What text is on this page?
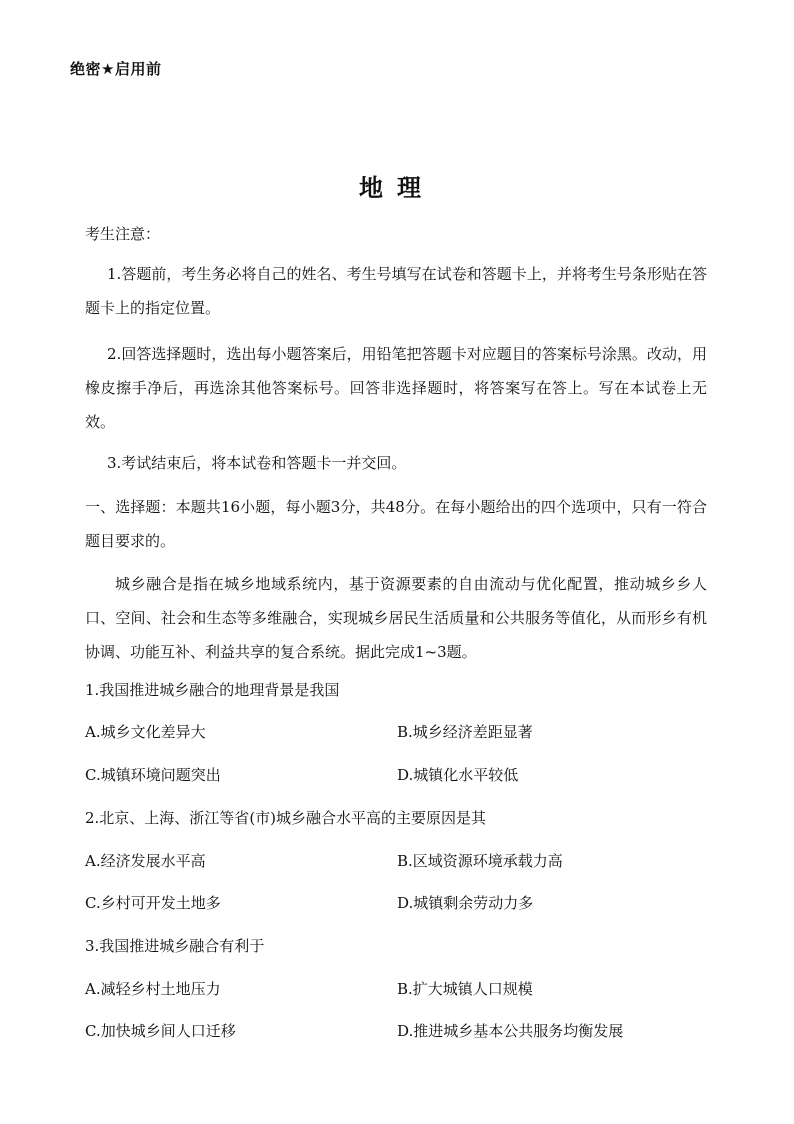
绝密★启用前
地理
考生注意：
1.答题前，考生务必将自己的姓名、考生号填写在试卷和答题卡上，并将考生号条形贴在答题卡上的指定位置。
2.回答选择题时，选出每小题答案后，用铅笔把答题卡对应题目的答案标号涂黑。改动，用橡皮擦手净后，再选涂其他答案标号。回答非选择题时，将答案写在答上。写在本试卷上无效。
3.考试结束后，将本试卷和答题卡一并交回。
一、选择题：本题共16小题，每小题3分，共48分。在每小题给出的四个选项中，只有一符合题目要求的。
城乡融合是指在城乡地域系统内，基于资源要素的自由流动与优化配置，推动城乡乡人口、空间、社会和生态等多维融合，实现城乡居民生活质量和公共服务等值化，从而形乡有机协调、功能互补、利益共享的复合系统。据此完成1~3题。
1.我国推进城乡融合的地理背景是我国
A.城乡文化差异大	B.城乡经济差距显著
C.城镇环境问题突出	D.城镇化水平较低
2.北京、上海、浙江等省(市)城乡融合水平高的主要原因是其
A.经济发展水平高	B.区域资源环境承载力高
C.乡村可开发土地多	D.城镇剩余劳动力多
3.我国推进城乡融合有利于
A.减轻乡村土地压力	B.扩大城镇人口规模
C.加快城乡间人口迁移	D.推进城乡基本公共服务均衡发展
